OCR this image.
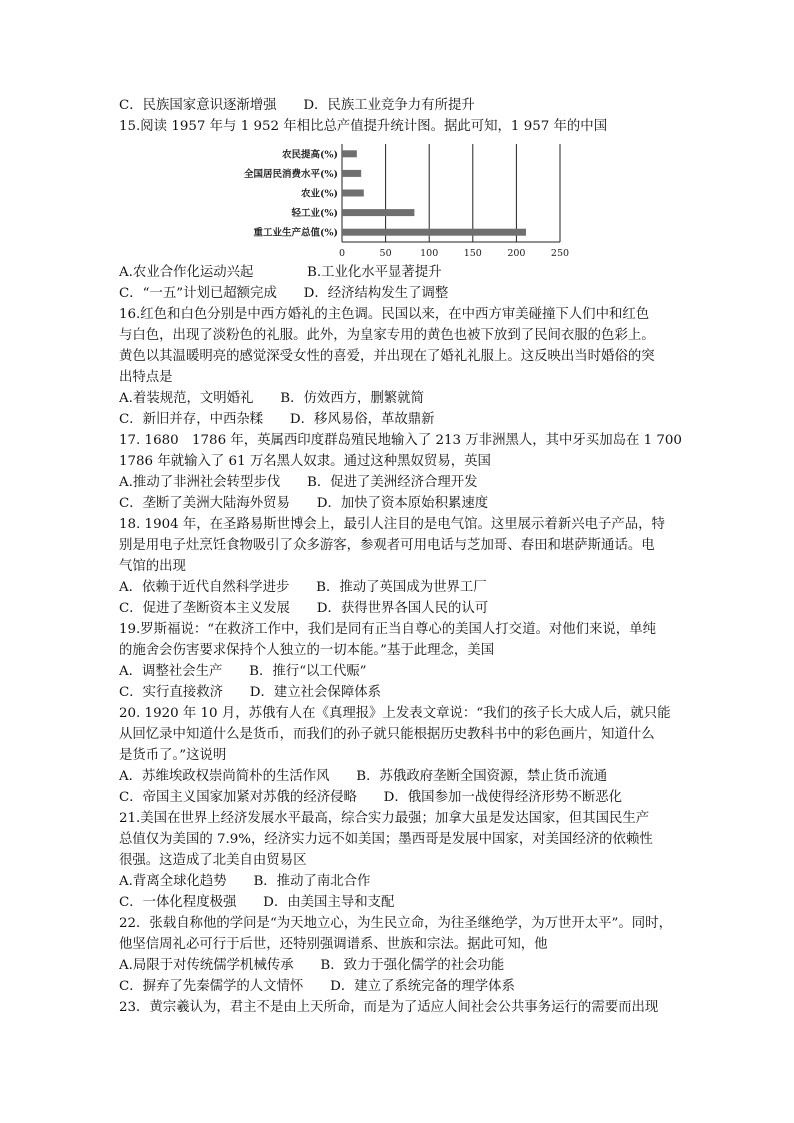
C．民族国家意识逐渐增强　　D．民族工业竞争力有所提升

15.阅读 1957 年与 1 952 年相比总产值提升统计图。据此可知，1 957 年的中国

A.农业合作化运动兴起　　　　B.工业化水平显著提升

C．“一五”计划已超额完成　　D．经济结构发生了调整

16.红色和白色分别是中西方婚礼的主色调。民国以来，在中西方审美碰撞下人们中和红色

与白色，出现了淡粉色的礼服。此外，为皇家专用的黄色也被下放到了民间衣服的色彩上。

黄色以其温暖明亮的感觉深受女性的喜爱，并出现在了婚礼礼服上。这反映出当时婚俗的突

出特点是

A.着装规范，文明婚礼　　B．仿效西方，删繁就简

C．新旧并存，中西杂糅　　D．移风易俗，革故鼎新

17. 1680　1786 年，英属西印度群岛殖民地输入了 213 万非洲黑人，其中牙买加岛在 1 700

1786 年就输入了 61 万名黑人奴隶。通过这种黑奴贸易，英国

A.推动了非洲社会转型步伐　　B．促进了美洲经济合理开发

C．垄断了美洲大陆海外贸易　　D．加快了资本原始积累速度

18. 1904 年，在圣路易斯世博会上，最引人注目的是电气馆。这里展示着新兴电子产品，特

别是用电子灶烹饪食物吸引了众多游客，参观者可用电话与芝加哥、春田和堪萨斯通话。电

气馆的出现

A．依赖于近代自然科学进步　　B．推动了英国成为世界工厂

C．促进了垄断资本主义发展　　D．获得世界各国人民的认可

19.罗斯福说：“在救济工作中，我们是同有正当自尊心的美国人打交道。对他们来说，单纯

的施舍会伤害要求保持个人独立的一切本能。”基于此理念，美国

A．调整社会生产　　B．推行“以工代赈”

C．实行直接救济　　D．建立社会保障体系

20. 1920 年 10 月，苏俄有人在《真理报》上发表文章说：“我们的孩子长大成人后，就只能

从回忆录中知道什么是货币，而我们的孙子就只能根据历史教科书中的彩色画片，知道什么

是货币了。”这说明

A．苏维埃政权崇尚简朴的生活作风　　B．苏俄政府垄断全国资源，禁止货币流通

C．帝国主义国家加紧对苏俄的经济侵略　　D．俄国参加一战使得经济形势不断恶化

21.美国在世界上经济发展水平最高，综合实力最强；加拿大虽是发达国家，但其国民生产

总值仅为美国的 7.9%，经济实力远不如美国；墨西哥是发展中国家，对美国经济的依赖性

很强。这造成了北美自由贸易区

A.背离全球化趋势　　B．推动了南北合作

C．一体化程度极强　　D．由美国主导和支配

22．张载自称他的学问是“为天地立心，为生民立命，为往圣继绝学，为万世开太平”。同时，

他坚信周礼必可行于后世，还特别强调谱系、世族和宗法。据此可知，他

A.局限于对传统儒学机械传承　　B．致力于强化儒学的社会功能

C．摒弃了先秦儒学的人文情怀　　D．建立了系统完备的理学体系

23．黄宗羲认为，君主不是由上天所命，而是为了适应人间社会公共事务运行的需要而出现

0	50	100	150	200	250
农民提高(%)
全国居民消费水平(%)
农业(%)
轻工业(%)
重工业生产总值(%)
